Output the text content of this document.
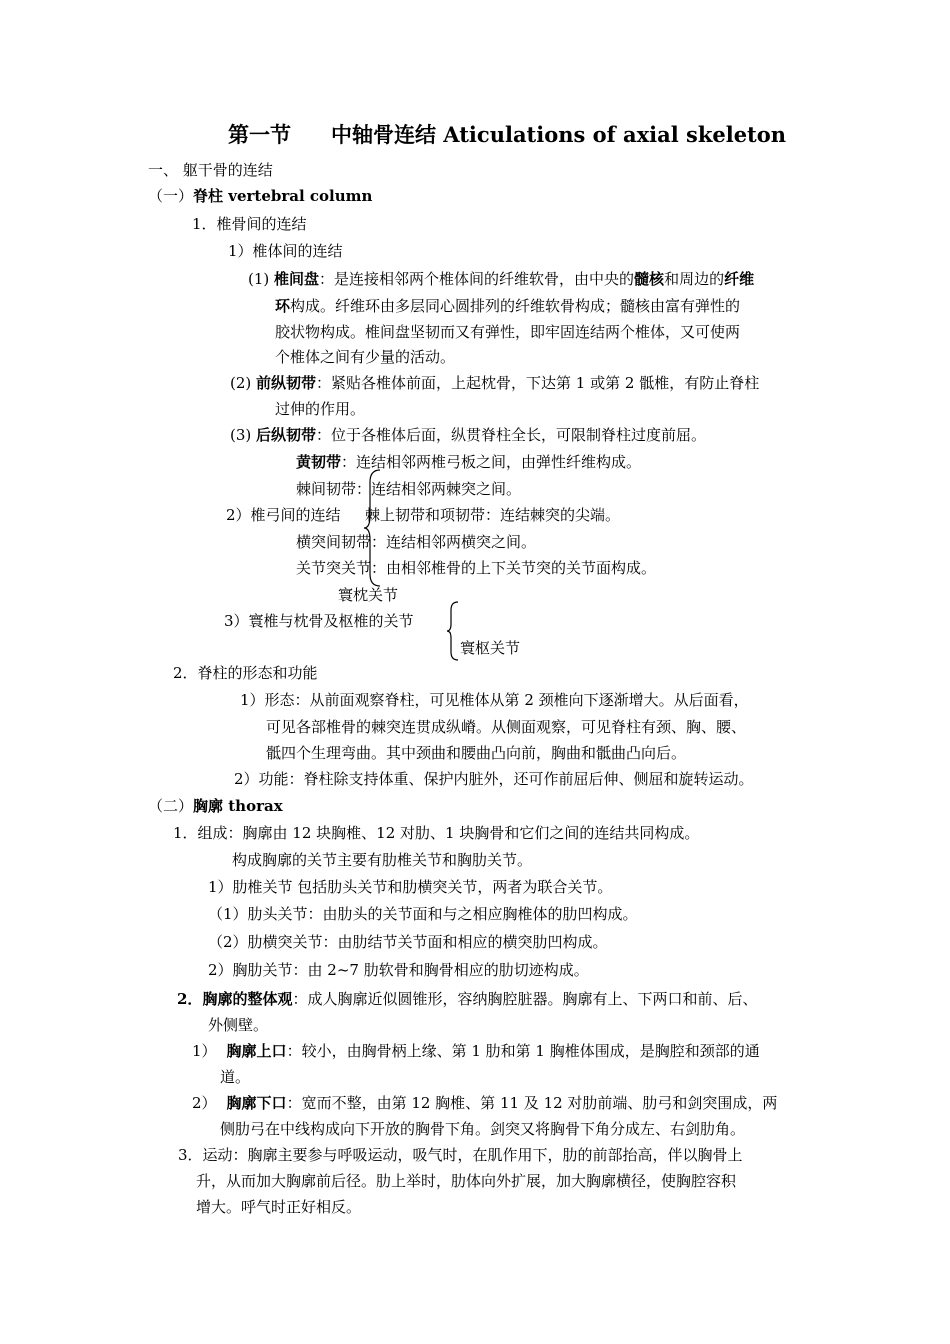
第一节 中轴骨连结 Aticulations of axial skeleton
一、 躯干骨的连结
（一）脊柱 vertebral column
1．椎骨间的连结
1）椎体间的连结
(1) 椎间盘：是连接相邻两个椎体间的纤维软骨，由中央的髓核和周边的纤维
环构成。纤维环由多层同心圆排列的纤维软骨构成；髓核由富有弹性的
胶状物构成。椎间盘坚韧而又有弹性，即牢固连结两个椎体，又可使两
个椎体之间有少量的活动。
(2) 前纵韧带：紧贴各椎体前面，上起枕骨，下达第 1 或第 2 骶椎，有防止脊柱
过伸的作用。
(3) 后纵韧带：位于各椎体后面，纵贯脊柱全长，可限制脊柱过度前屈。
黄韧带：连结相邻两椎弓板之间，由弹性纤维构成。
棘间韧带：连结相邻两棘突之间。
2）椎弓间的连结 棘上韧带和项韧带：连结棘突的尖端。
横突间韧带：连结相邻两横突之间。
关节突关节：由相邻椎骨的上下关节突的关节面构成。
寰枕关节
3）寰椎与枕骨及枢椎的关节
寰枢关节
2．脊柱的形态和功能
1）形态：从前面观察脊柱，可见椎体从第 2 颈椎向下逐渐增大。从后面看，
可见各部椎骨的棘突连贯成纵嵴。从侧面观察，可见脊柱有颈、胸、腰、
骶四个生理弯曲。其中颈曲和腰曲凸向前，胸曲和骶曲凸向后。
2）功能：脊柱除支持体重、保护内脏外，还可作前屈后伸、侧屈和旋转运动。
（二）胸廓 thorax
1．组成：胸廓由 12 块胸椎、12 对肋、1 块胸骨和它们之间的连结共同构成。
构成胸廓的关节主要有肋椎关节和胸肋关节。
1）肋椎关节 包括肋头关节和肋横突关节，两者为联合关节。
（1）肋头关节：由肋头的关节面和与之相应胸椎体的肋凹构成。
（2）肋横突关节：由肋结节关节面和相应的横突肋凹构成。
2）胸肋关节：由 2~7 肋软骨和胸骨相应的肋切迹构成。
2．胸廓的整体观：成人胸廓近似圆锥形，容纳胸腔脏器。胸廓有上、下两口和前、后、
外侧壁。
1） 胸廓上口：较小，由胸骨柄上缘、第 1 肋和第 1 胸椎体围成，是胸腔和颈部的通
道。
2） 胸廓下口：宽而不整，由第 12 胸椎、第 11 及 12 对肋前端、肋弓和剑突围成，两
侧肋弓在中线构成向下开放的胸骨下角。剑突又将胸骨下角分成左、右剑肋角。
3．运动：胸廓主要参与呼吸运动，吸气时，在肌作用下，肋的前部抬高，伴以胸骨上
升，从而加大胸廓前后径。肋上举时，肋体向外扩展，加大胸廓横径，使胸腔容积
增大。呼气时正好相反。
